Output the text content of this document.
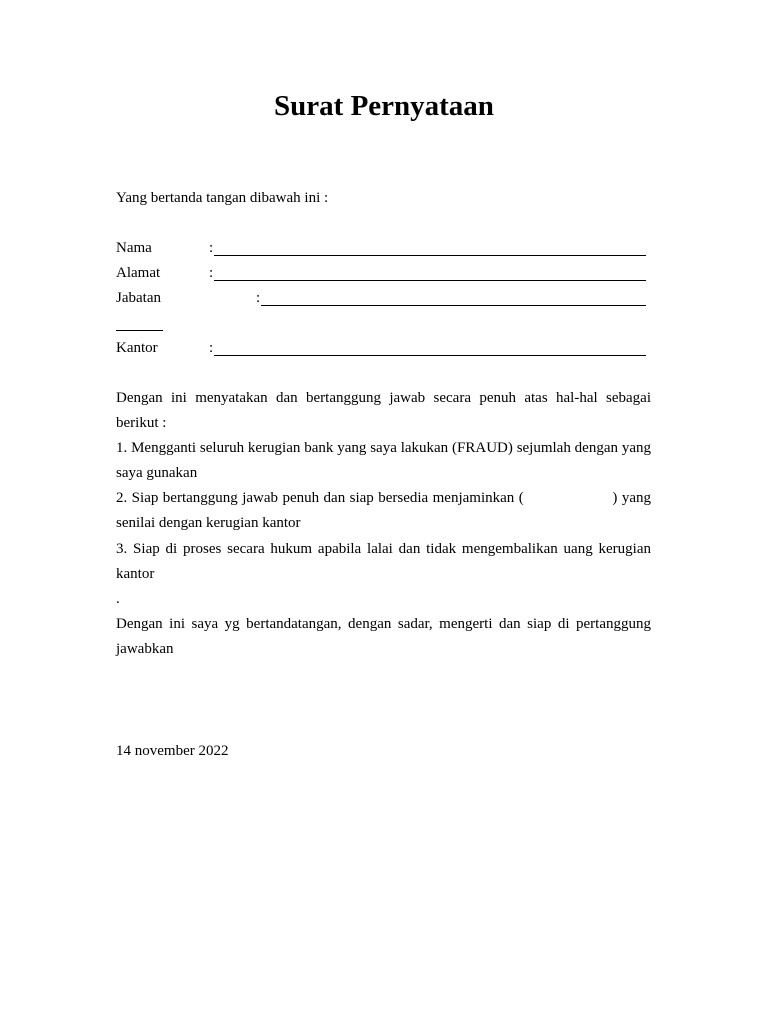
Surat Pernyataan
Yang bertanda tangan dibawah ini :
Nama	:
Alamat	:
Jabatan	:
Kantor	:
Dengan ini menyatakan dan bertanggung jawab secara penuh atas hal-hal sebagai berikut :
1. Mengganti seluruh kerugian bank yang saya lakukan (FRAUD) sejumlah dengan yang saya gunakan
2. Siap bertanggung jawab penuh dan siap bersedia menjaminkan (                    ) yang senilai dengan kerugian kantor
3. Siap di proses secara hukum apabila lalai dan tidak mengembalikan uang kerugian kantor
.
Dengan ini saya yg bertandatangan, dengan sadar, mengerti dan siap di pertanggung jawabkan
14 november 2022
